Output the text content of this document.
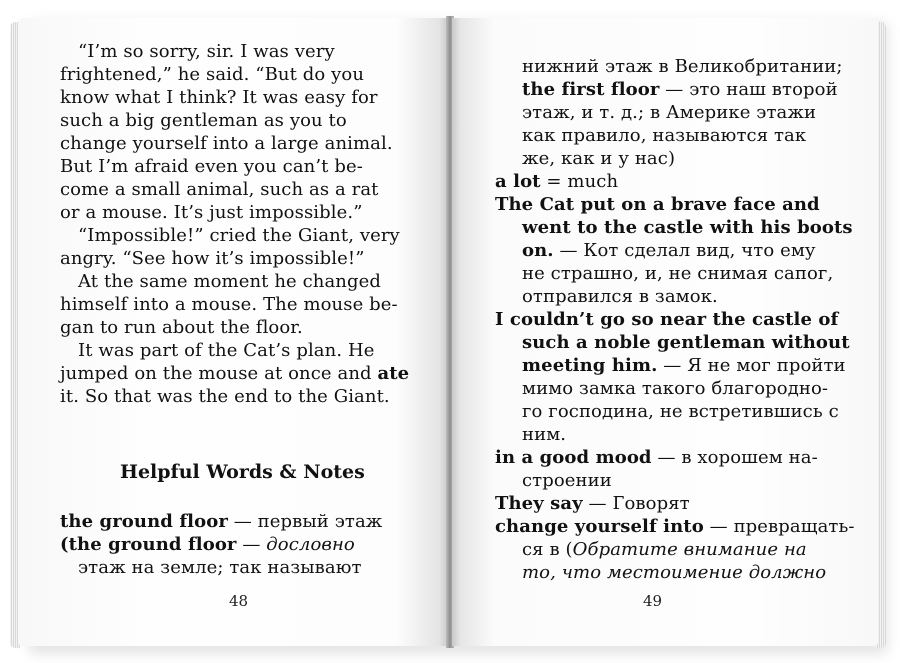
“I’m so sorry, sir. I was very
frightened,” he said. “But do you
know what I think? It was easy for
such a big gentleman as you to
change yourself into a large animal.
But I’m afraid even you can’t be-
come a small animal, such as a rat
or a mouse. It’s just impossible.”
“Impossible!” cried the Giant, very
angry. “See how it’s impossible!”
At the same moment he changed
himself into a mouse. The mouse be-
gan to run about the floor.
It was part of the Cat’s plan. He
jumped on the mouse at once and ate
it. So that was the end to the Giant.
Helpful Words & Notes
the ground floor — первый этаж
(the ground floor — дословно
этаж на земле; так называют
48
нижний этаж в Великобритании;
the first floor — это наш второй
этаж, и т. д.; в Америке этажи
как правило, называются так
же, как и у нас)
a lot = much
The Cat put on a brave face and
went to the castle with his boots
on. — Кот сделал вид, что ему
не страшно, и, не снимая сапог,
отправился в замок.
I couldn’t go so near the castle of
such a noble gentleman without
meeting him. — Я не мог пройти
мимо замка такого благородно-
го господина, не встретившись с
ним.
in a good mood — в хорошем на-
строении
They say — Говорят
change yourself into — превращать-
ся в (Обратите внимание на
то, что местоимение должно
49
